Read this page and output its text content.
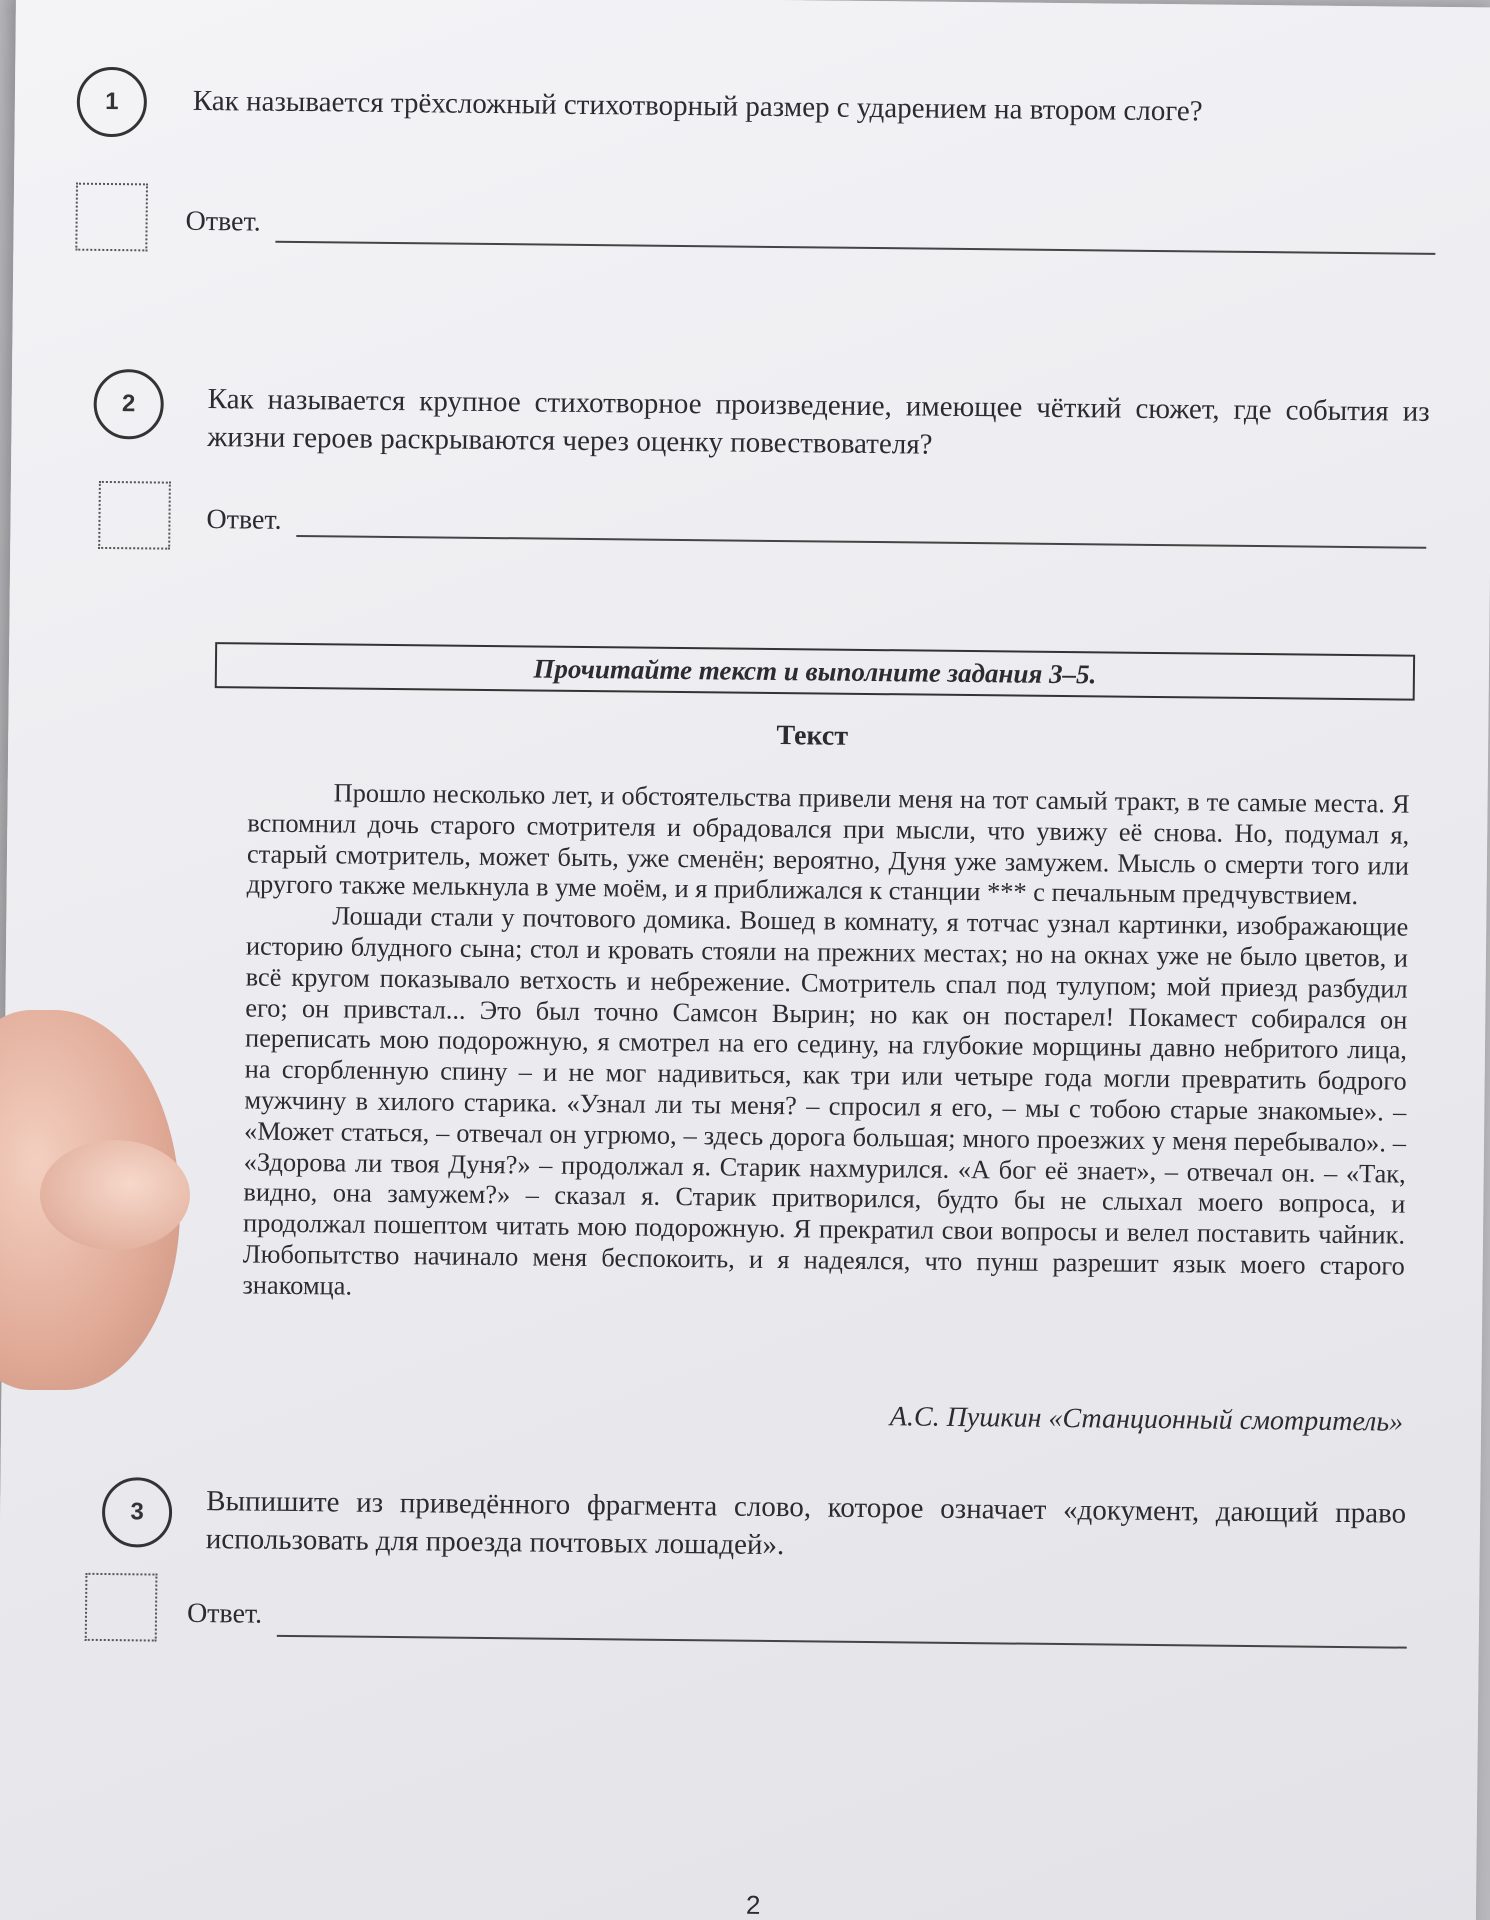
1	Как называется трёхсложный стихотворный размер с ударением на втором слоге?
Ответ.
2	Как называется крупное стихотворное произведение, имеющее чёткий сюжет, где события из жизни героев раскрываются через оценку повествователя?
Ответ.
Прочитайте текст и выполните задания 3–5.
Текст

Прошло несколько лет, и обстоятельства привели меня на тот самый тракт, в те самые места. Я вспомнил дочь старого смотрителя и обрадовался при мысли, что увижу её снова. Но, подумал я, старый смотритель, может быть, уже сменён; вероятно, Дуня уже замужем. Мысль о смерти того или другого также мелькнула в уме моём, и я приближался к станции *** с печальным предчувствием.

Лошади стали у почтового домика. Вошед в комнату, я тотчас узнал картинки, изображающие историю блудного сына; стол и кровать стояли на прежних местах; но на окнах уже не было цветов, и всё кругом показывало ветхость и небрежение. Смотритель спал под тулупом; мой приезд разбудил его; он привстал... Это был точно Самсон Вырин; но как он постарел! Покамест собирался он переписать мою подорожную, я смотрел на его седину, на глубокие морщины давно небритого лица, на сгорбленную спину – и не мог надивиться, как три или четыре года могли превратить бодрого мужчину в хилого старика. «Узнал ли ты меня? – спросил я его, – мы с тобою старые знакомые». – «Может статься, – отвечал он угрюмо, – здесь дорога большая; много проезжих у меня перебывало». – «Здорова ли твоя Дуня?» – продолжал я. Старик нахмурился. «А бог её знает», – отвечал он. – «Так, видно, она замужем?» – сказал я. Старик притворился, будто бы не слыхал моего вопроса, и продолжал пошептом читать мою подорожную. Я прекратил свои вопросы и велел поставить чайник. Любопытство начинало меня беспокоить, и я надеялся, что пунш разрешит язык моего старого знакомца.

А.С. Пушкин «Станционный смотритель»
3	Выпишите из приведённого фрагмента слово, которое означает «документ, дающий право использовать для проезда почтовых лошадей».
Ответ.
2
